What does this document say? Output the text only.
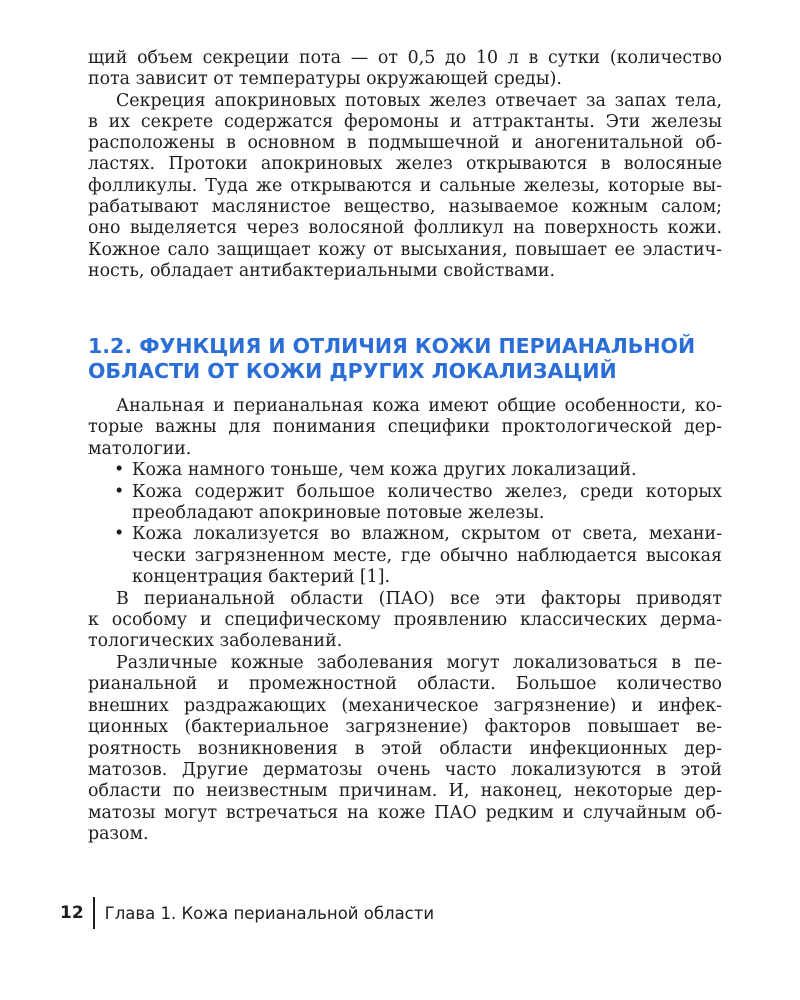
щий объем секреции пота — от 0,5 до 10 л в сутки (количество
пота зависит от температуры окружающей среды).

Секреция апокриновых потовых желез отвечает за запах тела,
в их секрете содержатся феромоны и аттрактанты. Эти железы
расположены в основном в подмышечной и аногенитальной об-
ластях. Протоки апокриновых желез открываются в волосяные
фолликулы. Туда же открываются и сальные железы, которые вы-
рабатывают маслянистое вещество, называемое кожным салом;
оно выделяется через волосяной фолликул на поверхность кожи.
Кожное сало защищает кожу от высыхания, повышает ее эластич-
ность, обладает антибактериальными свойствами.

1.2. ФУНКЦИЯ И ОТЛИЧИЯ КОЖИ ПЕРИАНАЛЬНОЙ
ОБЛАСТИ ОТ КОЖИ ДРУГИХ ЛОКАЛИЗАЦИЙ

Анальная и перианальная кожа имеют общие особенности, ко-
торые важны для понимания специфики проктологической дер-
матологии.

• Кожа намного тоньше, чем кожа других локализаций.

• Кожа содержит большое количество желез, среди которых
преобладают апокриновые потовые железы.

• Кожа локализуется во влажном, скрытом от света, механи-
чески загрязненном месте, где обычно наблюдается высокая
концентрация бактерий [1].

В перианальной области (ПАО) все эти факторы приводят
к особому и специфическому проявлению классических дерма-
тологических заболеваний.

Различные кожные заболевания могут локализоваться в пе-
рианальной и промежностной области. Большое количество
внешних раздражающих (механическое загрязнение) и инфек-
ционных (бактериальное загрязнение) факторов повышает ве-
роятность возникновения в этой области инфекционных дер-
матозов. Другие дерматозы очень часто локализуются в этой
области по неизвестным причинам. И, наконец, некоторые дер-
матозы могут встречаться на коже ПАО редким и случайным об-
разом.

12 Глава 1. Кожа перианальной области
